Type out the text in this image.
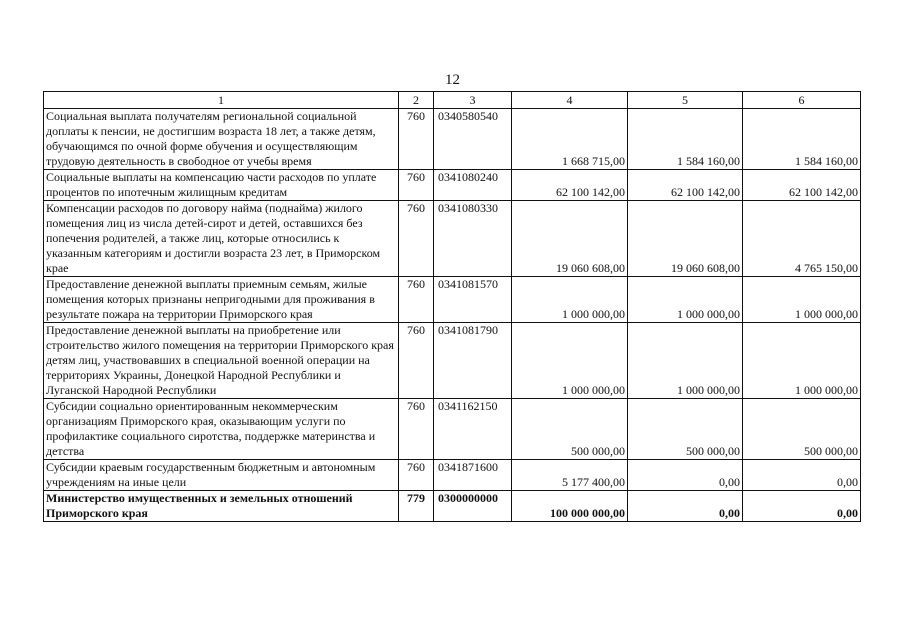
12
1	2	3	4	5	6
Социальная выплата получателям региональной социальной доплаты к пенсии, не достигшим возраста 18 лет, а также детям, обучающимся по очной форме обучения и осуществляющим трудовую деятельность в свободное от учебы время	760	0340580540	1 668 715,00	1 584 160,00	1 584 160,00
Социальные выплаты на компенсацию части расходов по уплате процентов по ипотечным жилищным кредитам	760	0341080240	62 100 142,00	62 100 142,00	62 100 142,00
Компенсации расходов по договору найма (поднайма) жилого помещения лиц из числа детей-сирот и детей, оставшихся без попечения родителей, а также лиц, которые относились к указанным категориям и достигли возраста 23 лет, в Приморском крае	760	0341080330	19 060 608,00	19 060 608,00	4 765 150,00
Предоставление денежной выплаты приемным семьям, жилые помещения которых признаны непригодными для проживания в результате пожара на территории Приморского края	760	0341081570	1 000 000,00	1 000 000,00	1 000 000,00
Предоставление денежной выплаты на приобретение или строительство жилого помещения на территории Приморского края детям лиц, участвовавших в специальной военной операции на территориях Украины, Донецкой Народной Республики и Луганской Народной Республики	760	0341081790	1 000 000,00	1 000 000,00	1 000 000,00
Субсидии социально ориентированным некоммерческим организациям Приморского края, оказывающим услуги по профилактике социального сиротства, поддержке материнства и детства	760	0341162150	500 000,00	500 000,00	500 000,00
Субсидии краевым государственным бюджетным и автономным учреждениям на иные цели	760	0341871600	5 177 400,00	0,00	0,00
Министерство имущественных и земельных отношений Приморского края	779	0300000000	100 000 000,00	0,00	0,00
